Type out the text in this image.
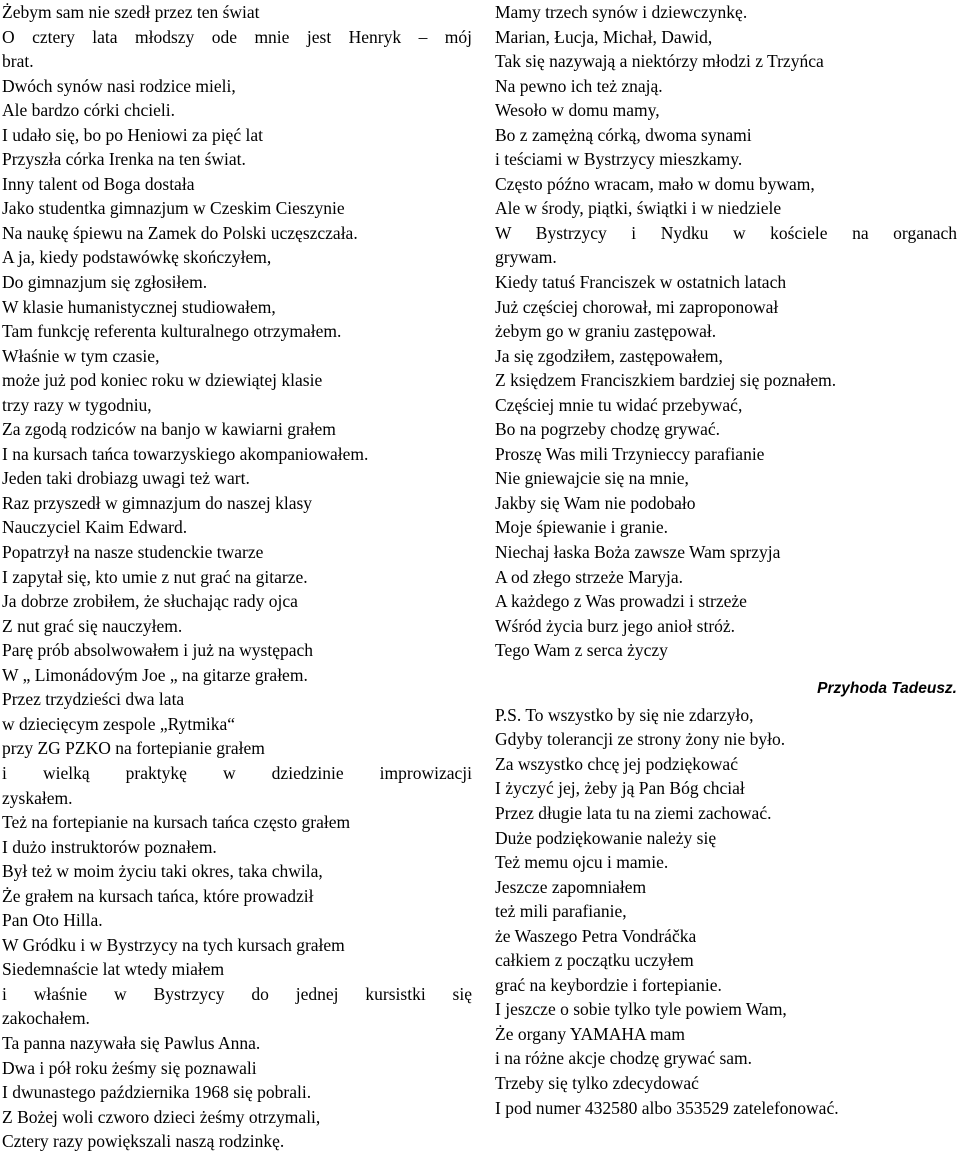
Żebym sam nie szedł przez ten świat
O cztery lata młodszy ode mnie jest Henryk – mój
brat.
Dwóch synów nasi rodzice mieli,
Ale bardzo córki chcieli.
I udało się, bo po Heniowi za pięć lat
Przyszła córka Irenka na ten świat.
Inny talent od Boga dostała
Jako studentka gimnazjum w Czeskim Cieszynie
Na naukę śpiewu na Zamek do Polski uczęszczała.
A ja, kiedy podstawówkę skończyłem,
Do gimnazjum się zgłosiłem.
W klasie humanistycznej studiowałem,
Tam funkcję referenta kulturalnego otrzymałem.
Właśnie w tym czasie,
może już pod koniec roku w dziewiątej klasie
trzy razy w tygodniu,
Za zgodą rodziców na banjo w kawiarni grałem
I na kursach tańca towarzyskiego akompaniowałem.
Jeden taki drobiazg uwagi też wart.
Raz przyszedł w gimnazjum do naszej klasy
Nauczyciel Kaim Edward.
Popatrzył na nasze studenckie twarze
I zapytał się, kto umie z nut grać na gitarze.
Ja dobrze zrobiłem, że słuchając rady ojca
Z nut grać się nauczyłem.
Parę prób absolwowałem i już na występach
W „ Limonádovým Joe „ na gitarze grałem.
Przez trzydzieści dwa lata
w dziecięcym zespole „Rytmika“
przy ZG PZKO na fortepianie grałem
i wielką praktykę w dziedzinie improwizacji
zyskałem.
Też na fortepianie na kursach tańca często grałem
I dużo instruktorów poznałem.
Był też w moim życiu taki okres, taka chwila,
Że grałem na kursach tańca, które prowadził
Pan Oto Hilla.
W Gródku i w Bystrzycy na tych kursach grałem
Siedemnaście lat wtedy miałem
i właśnie w Bystrzycy do jednej kursistki się
zakochałem.
Ta panna nazywała się Pawlus Anna.
Dwa i pół roku żeśmy się poznawali
I dwunastego października 1968 się pobrali.
Z Bożej woli czworo dzieci żeśmy otrzymali,
Cztery razy powiększali naszą rodzinkę.
Mamy trzech synów i dziewczynkę.
Marian, Łucja, Michał, Dawid,
Tak się nazywają a niektórzy młodzi z Trzyńca
Na pewno ich też znają.
Wesoło w domu mamy,
Bo z zamężną córką, dwoma synami
i teściami w Bystrzycy mieszkamy.
Często późno wracam, mało w domu bywam,
Ale w środy, piątki, świątki i w niedziele
W Bystrzycy i Nydku w kościele na organach
grywam.
Kiedy tatuś Franciszek w ostatnich latach
Już częściej chorował, mi zaproponował
żebym go w graniu zastępował.
Ja się zgodziłem, zastępowałem,
Z księdzem Franciszkiem bardziej się poznałem.
Częściej mnie tu widać przebywać,
Bo na pogrzeby chodzę grywać.
Proszę Was mili Trzynieccy parafianie
Nie gniewajcie się na mnie,
Jakby się Wam nie podobało
Moje śpiewanie i granie.
Niechaj łaska Boża zawsze Wam sprzyja
A od złego strzeże Maryja.
A każdego z Was prowadzi i strzeże
Wśród życia burz jego anioł stróż.
Tego Wam z serca życzy
Przyhoda Tadeusz.
P.S. To wszystko by się nie zdarzyło,
Gdyby tolerancji ze strony żony nie było.
Za wszystko chcę jej podziękować
I życzyć jej, żeby ją Pan Bóg chciał
Przez długie lata tu na ziemi zachować.
Duże podziękowanie należy się
Też memu ojcu i mamie.
Jeszcze zapomniałem
też mili parafianie,
że Waszego Petra Vondráčka
całkiem z początku uczyłem
grać na keybordzie i fortepianie.
I jeszcze o sobie tylko tyle powiem Wam,
Że organy YAMAHA mam
i na różne akcje chodzę grywać sam.
Trzeby się tylko zdecydować
I pod numer 432580 albo 353529 zatelefonować.
